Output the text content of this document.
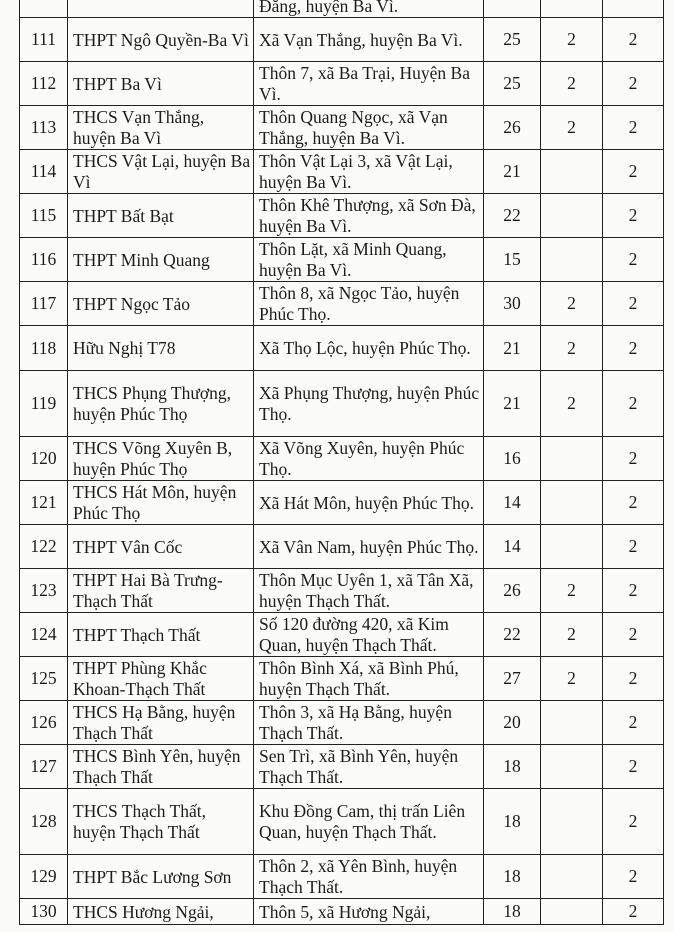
		Đăng, huyện Ba Vì.			
111	THPT Ngô Quyền-Ba Vì	Xã Vạn Thắng, huyện Ba Vì.	25	2	2
112	THPT Ba Vì	Thôn 7, xã Ba Trại, Huyện Ba Vì.	25	2	2
113	THCS Vạn Thắng, huyện Ba Vì	Thôn Quang Ngọc, xã Vạn Thắng, huyện Ba Vì.	26	2	2
114	THCS Vật Lại, huyện Ba Vì	Thôn Vật Lại 3, xã Vật Lại, huyện Ba Vì.	21		2
115	THPT Bất Bạt	Thôn Khê Thượng, xã Sơn Đà, huyện Ba Vì.	22		2
116	THPT Minh Quang	Thôn Lặt, xã Minh Quang, huyện Ba Vì.	15		2
117	THPT Ngọc Tảo	Thôn 8, xã Ngọc Tảo, huyện Phúc Thọ.	30	2	2
118	Hữu Nghị T78	Xã Thọ Lộc, huyện Phúc Thọ.	21	2	2
119	THCS Phụng Thượng, huyện Phúc Thọ	Xã Phụng Thượng, huyện Phúc Thọ.	21	2	2
120	THCS Võng Xuyên B, huyện Phúc Thọ	Xã Võng Xuyên, huyện Phúc Thọ.	16		2
121	THCS Hát Môn, huyện Phúc Thọ	Xã Hát Môn, huyện Phúc Thọ.	14		2
122	THPT Vân Cốc	Xã Vân Nam, huyện Phúc Thọ.	14		2
123	THPT Hai Bà Trưng-Thạch Thất	Thôn Mục Uyên 1, xã Tân Xã, huyện Thạch Thất.	26	2	2
124	THPT Thạch Thất	Số 120 đường 420, xã Kim Quan, huyện Thạch Thất.	22	2	2
125	THPT Phùng Khắc Khoan-Thạch Thất	Thôn Bình Xá, xã Bình Phú, huyện Thạch Thất.	27	2	2
126	THCS Hạ Bằng, huyện Thạch Thất	Thôn 3, xã Hạ Bằng, huyện Thạch Thất.	20		2
127	THCS Bình Yên, huyện Thạch Thất	Sen Trì, xã Bình Yên, huyện Thạch Thất.	18		2
128	THCS Thạch Thất, huyện Thạch Thất	Khu Đồng Cam, thị trấn Liên Quan, huyện Thạch Thất.	18		2
129	THPT Bắc Lương Sơn	Thôn 2, xã Yên Bình, huyện Thạch Thất.	18		2
130	THCS Hương Ngải,	Thôn 5, xã Hương Ngải,	18		2
